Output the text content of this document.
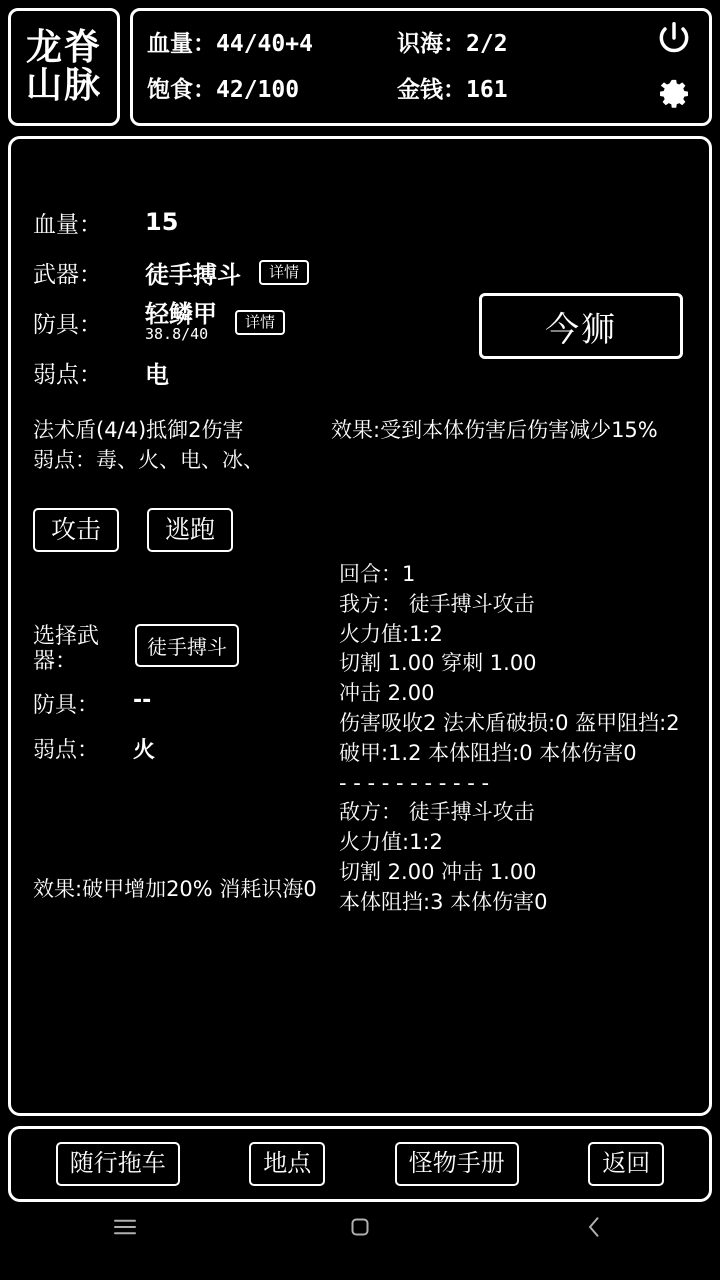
龙脊
山脉
血量： 44/40+4	识海： 2/2
饱食： 42/100	金钱： 161
血量：	15
武器：	徒手搏斗	详情
防具：	轻鳞甲
38.8/40
详情
弱点：	电
今狮
法术盾(4/4)抵御2伤害
弱点：毒、火、电、冰、
效果:受到本体伤害后伤害减少15%
攻击	逃跑
选择武器：
徒手搏斗
防具：	--
弱点：	火
效果:破甲增加20% 消耗识海0
回合：1
我方： 徒手搏斗攻击
火力值:1:2
切割 1.00 穿刺 1.00
冲击 2.00
伤害吸收2 法术盾破损:0 盔甲阻挡:2破甲:1.2 本体阻挡:0 本体伤害0
- - - - - - - - - - -
敌方： 徒手搏斗攻击
火力值:1:2
切割 2.00 冲击 1.00
本体阻挡:3 本体伤害0
随行拖车	地点	怪物手册	返回
